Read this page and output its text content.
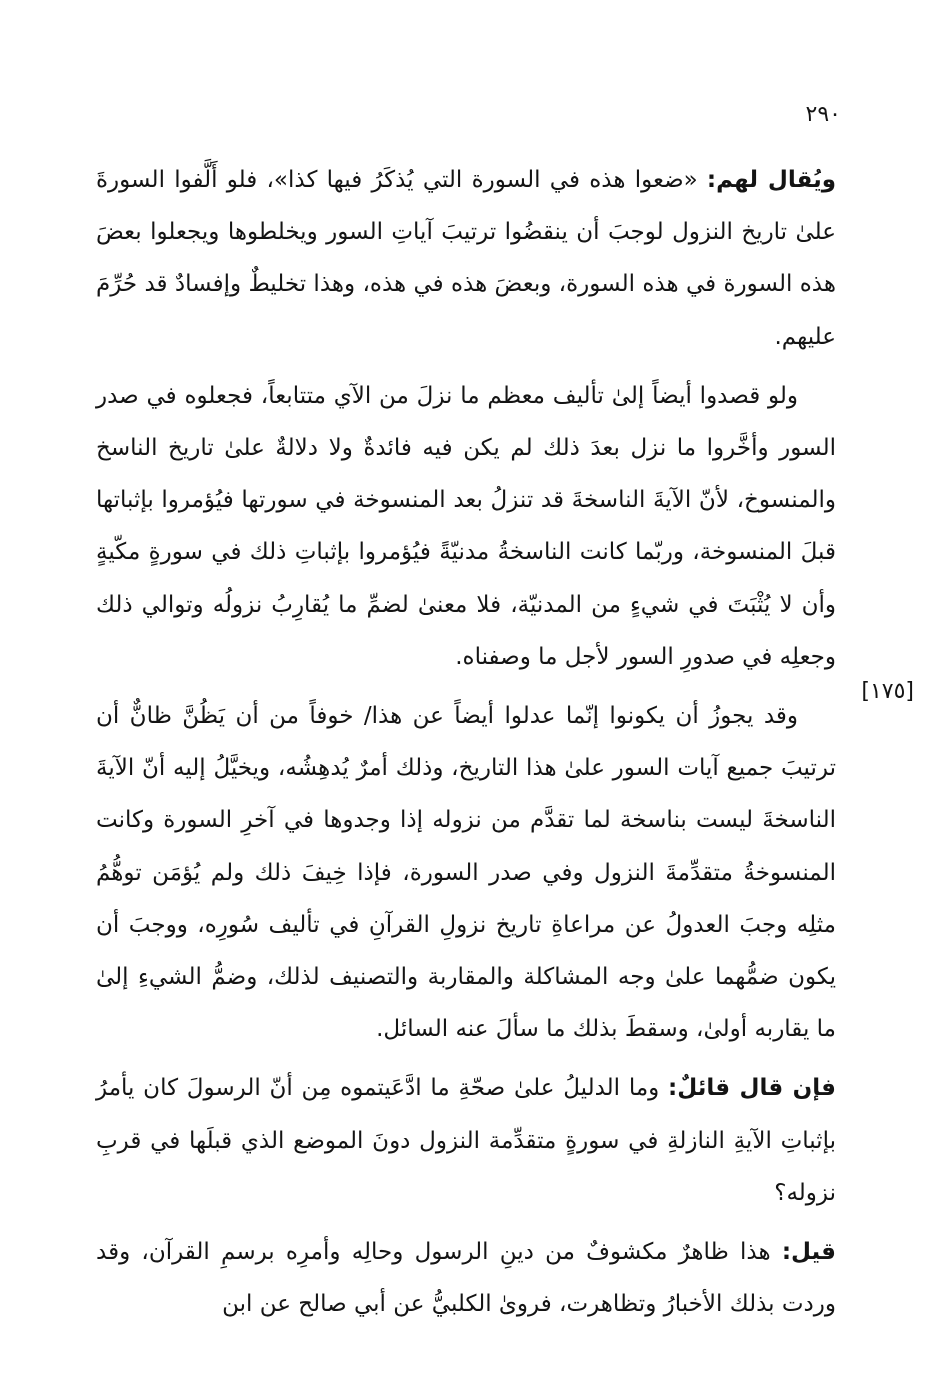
٢٩٠
[١٧٥]

ويُقال لهم: «ضعوا هذه في السورة التي يُذكَرُ فيها كذا»، فلو أَلَّفوا السورةَ علىٰ تاريخ النزول لوجبَ أن ينقضُوا ترتيبَ آياتِ السور ويخلطوها ويجعلوا بعضَ هذه السورة في هذه السورة، وبعضَ هذه في هذه، وهذا تخليطٌ وإفسادٌ قد حُرِّمَ عليهم.

ولو قصدوا أيضاً إلىٰ تأليف معظم ما نزلَ من الآي متتابعاً، فجعلوه في صدر السور وأخَّروا ما نزل بعدَ ذلك لم يكن فيه فائدةٌ ولا دلالةٌ علىٰ تاريخ الناسخ والمنسوخ، لأنّ الآيةَ الناسخةَ قد تنزلُ بعد المنسوخة في سورتها فيُؤمروا بإثباتها قبلَ المنسوخة، وربّما كانت الناسخةُ مدنيّةً فيُؤمروا بإثباتِ ذلك في سورةٍ مكّيةٍ وأن لا يُثْبَتَ في شيءٍ من المدنيّة، فلا معنىٰ لضمِّ ما يُقارِبُ نزولُه وتوالي ذلك وجعلِه في صدورِ السور لأجل ما وصفناه.

وقد يجوزُ أن يكونوا إنّما عدلوا أيضاً عن هذا/ خوفاً من أن يَظُنَّ ظانٌّ أن ترتيبَ جميع آيات السور علىٰ هذا التاريخ، وذلك أمرٌ يُدهِشُه، ويخيَّلُ إليه أنّ الآيةَ الناسخةَ ليست بناسخة لما تقدَّم من نزوله إذا وجدوها في آخرِ السورة وكانت المنسوخةُ متقدِّمةَ النزول وفي صدر السورة، فإذا خِيفَ ذلك ولم يُؤمَن توهُّمُ مثلِه وجبَ العدولُ عن مراعاةِ تاريخ نزولِ القرآنِ في تأليف سُورِه، ووجبَ أن يكون ضمُّهما علىٰ وجه المشاكلة والمقاربة والتصنيف لذلك، وضمُّ الشيءِ إلىٰ ما يقاربه أولىٰ، وسقطَ بذلك ما سألَ عنه السائل.

فإن قال قائلٌ: وما الدليلُ علىٰ صحّةِ ما ادَّعَيتموه مِن أنّ الرسولَ كان يأمرُ بإثباتِ الآيةِ النازلةِ في سورةٍ متقدِّمة النزول دونَ الموضع الذي قبلَها في قربِ نزوله؟

قيل: هذا ظاهرٌ مكشوفٌ من دينِ الرسول وحالِه وأمرِه برسمِ القرآن، وقد وردت بذلك الأخبارُ وتظاهرت، فروىٰ الكلبيُّ عن أبي صالح عن ابن
